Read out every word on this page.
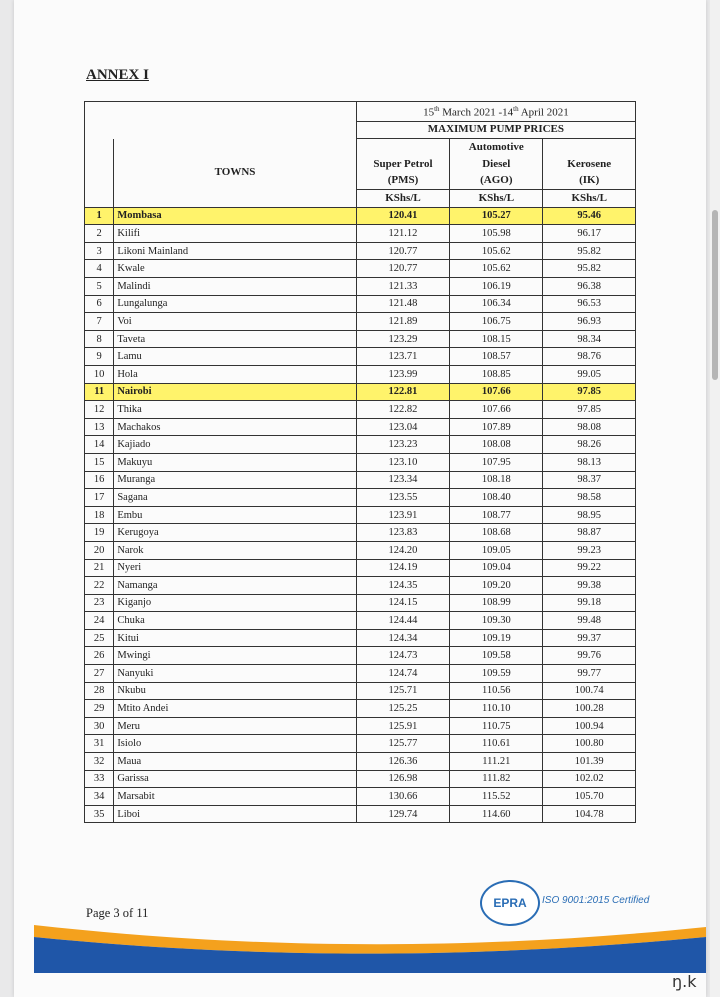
ANNEX I
		15th March 2021 -14th April 2021		
		MAXIMUM PUMP PRICES		
	TOWNS		Automotive	
		Super Petrol	Diesel	Kerosene
		(PMS)	(AGO)	(IK)
		KShs/L	KShs/L	KShs/L
1	Mombasa	120.41	105.27	95.46
2	Kilifi	121.12	105.98	96.17
3	Likoni Mainland	120.77	105.62	95.82
4	Kwale	120.77	105.62	95.82
5	Malindi	121.33	106.19	96.38
6	Lungalunga	121.48	106.34	96.53
7	Voi	121.89	106.75	96.93
8	Taveta	123.29	108.15	98.34
9	Lamu	123.71	108.57	98.76
10	Hola	123.99	108.85	99.05
11	Nairobi	122.81	107.66	97.85
12	Thika	122.82	107.66	97.85
13	Machakos	123.04	107.89	98.08
14	Kajiado	123.23	108.08	98.26
15	Makuyu	123.10	107.95	98.13
16	Muranga	123.34	108.18	98.37
17	Sagana	123.55	108.40	98.58
18	Embu	123.91	108.77	98.95
19	Kerugoya	123.83	108.68	98.87
20	Narok	124.20	109.05	99.23
21	Nyeri	124.19	109.04	99.22
22	Namanga	124.35	109.20	99.38
23	Kiganjo	124.15	108.99	99.18
24	Chuka	124.44	109.30	99.48
25	Kitui	124.34	109.19	99.37
26	Mwingi	124.73	109.58	99.76
27	Nanyuki	124.74	109.59	99.77
28	Nkubu	125.71	110.56	100.74
29	Mtito Andei	125.25	110.10	100.28
30	Meru	125.91	110.75	100.94
31	Isiolo	125.77	110.61	100.80
32	Maua	126.36	111.21	101.39
33	Garissa	126.98	111.82	102.02
34	Marsabit	130.66	115.52	105.70
35	Liboi	129.74	114.60	104.78
Page 3 of 11
EPRA ISO 9001:2015 Certified
ŋ.k
